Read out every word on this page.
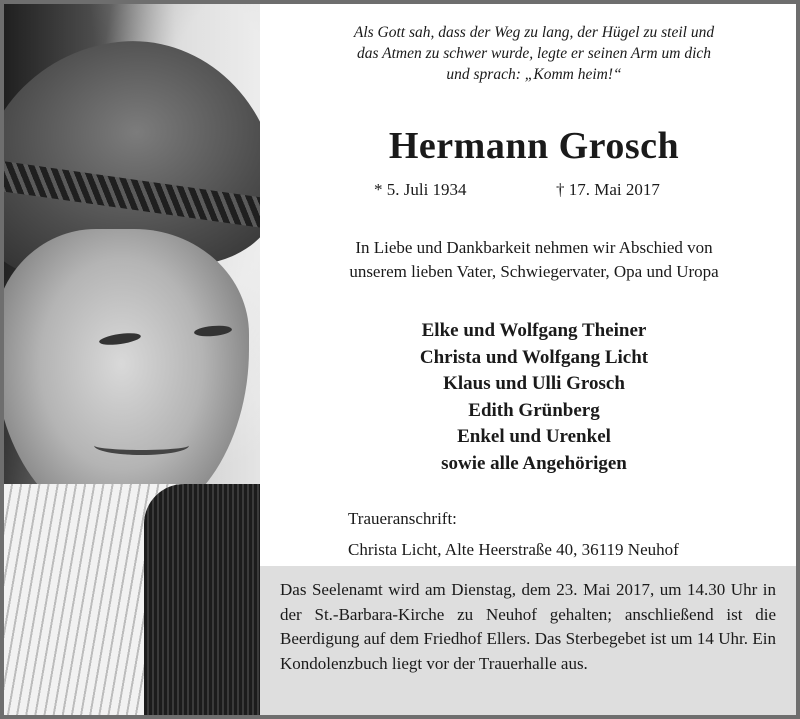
Als Gott sah, dass der Weg zu lang, der Hügel zu steil und
das Atmen zu schwer wurde, legte er seinen Arm um dich
und sprach: „Komm heim!“
Hermann Grosch
* 5. Juli 1934	† 17. Mai 2017
In Liebe und Dankbarkeit nehmen wir Abschied von
unserem lieben Vater, Schwiegervater, Opa und Uropa
Elke und Wolfgang Theiner
Christa und Wolfgang Licht
Klaus und Ulli Grosch
Edith Grünberg
Enkel und Urenkel
sowie alle Angehörigen
Traueranschrift:
Christa Licht, Alte Heerstraße 40, 36119 Neuhof

Das Seelenamt wird am Dienstag, dem 23. Mai 2017, um 14.30 Uhr in der St.-Barbara-Kirche zu Neuhof gehalten; anschließend ist die Beerdigung auf dem Friedhof Ellers. Das Sterbegebet ist um 14 Uhr. Ein Kondolenzbuch liegt vor der Trauerhalle aus.
